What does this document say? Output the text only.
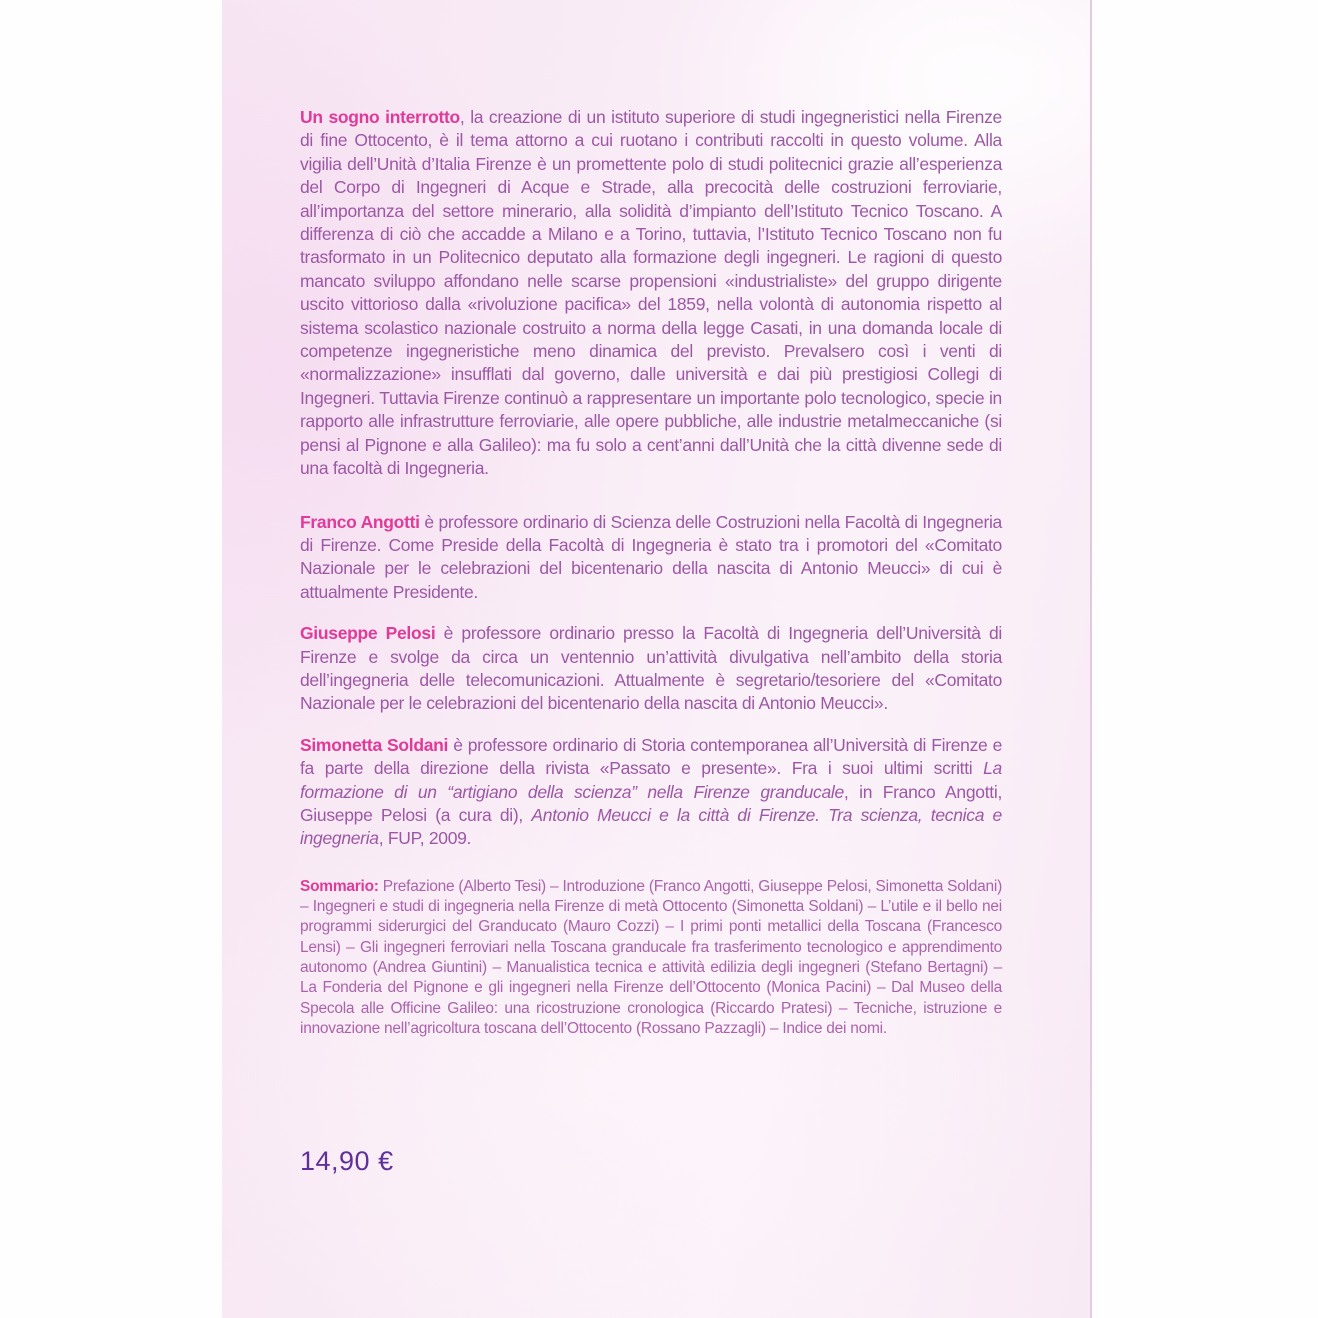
Un sogno interrotto, la creazione di un istituto superiore di studi ingegneristici nella Firenze di fine Ottocento, è il tema attorno a cui ruotano i contributi raccolti in questo volume. Alla vigilia dell’Unità d’Italia Firenze è un promettente polo di studi politecnici grazie all’esperienza del Corpo di Ingegneri di Acque e Strade, alla precocità delle costruzioni ferroviarie, all’importanza del settore minerario, alla solidità d’impianto dell’Istituto Tecnico Toscano. A differenza di ciò che accadde a Milano e a Torino, tuttavia, l’Istituto Tecnico Toscano non fu trasformato in un Politecnico deputato alla formazione degli ingegneri. Le ragioni di questo mancato sviluppo affondano nelle scarse propensioni «industrialiste» del gruppo dirigente uscito vittorioso dalla «rivoluzione pacifica» del 1859, nella volontà di autonomia rispetto al sistema scolastico nazionale costruito a norma della legge Casati, in una domanda locale di competenze ingegneristiche meno dinamica del previsto. Prevalsero così i venti di «normalizzazione» insufflati dal governo, dalle università e dai più prestigiosi Collegi di Ingegneri. Tuttavia Firenze continuò a rappresentare un importante polo tecnologico, specie in rapporto alle infrastrutture ferroviarie, alle opere pubbliche, alle industrie metalmeccaniche (si pensi al Pignone e alla Galileo): ma fu solo a cent’anni dall’Unità che la città divenne sede di una facoltà di Ingegneria.

Franco Angotti è professore ordinario di Scienza delle Costruzioni nella Facoltà di Ingegneria di Firenze. Come Preside della Facoltà di Ingegneria è stato tra i promotori del «Comitato Nazionale per le celebrazioni del bicentenario della nascita di Antonio Meucci» di cui è attualmente Presidente.

Giuseppe Pelosi è professore ordinario presso la Facoltà di Ingegneria dell’Università di Firenze e svolge da circa un ventennio un’attività divulgativa nell’ambito della storia dell’ingegneria delle telecomunicazioni. Attualmente è segretario/tesoriere del «Comitato Nazionale per le celebrazioni del bicentenario della nascita di Antonio Meucci».

Simonetta Soldani è professore ordinario di Storia contemporanea all’Università di Firenze e fa parte della direzione della rivista «Passato e presente». Fra i suoi ultimi scritti La formazione di un “artigiano della scienza” nella Firenze granducale, in Franco Angotti, Giuseppe Pelosi (a cura di), Antonio Meucci e la città di Firenze. Tra scienza, tecnica e ingegneria, FUP, 2009.

Sommario: Prefazione (Alberto Tesi) – Introduzione (Franco Angotti, Giuseppe Pelosi, Simonetta Soldani) – Ingegneri e studi di ingegneria nella Firenze di metà Ottocento (Simonetta Soldani) – L’utile e il bello nei programmi siderurgici del Granducato (Mauro Cozzi) – I primi ponti metallici della Toscana (Francesco Lensi) – Gli ingegneri ferroviari nella Toscana granducale fra trasferimento tecnologico e apprendimento autonomo (Andrea Giuntini) – Manualistica tecnica e attività edilizia degli ingegneri (Stefano Bertagni) – La Fonderia del Pignone e gli ingegneri nella Firenze dell’Ottocento (Monica Pacini) – Dal Museo della Specola alle Officine Galileo: una ricostruzione cronologica (Riccardo Pratesi) – Tecniche, istruzione e innovazione nell’agricoltura toscana dell’Ottocento (Rossano Pazzagli) – Indice dei nomi.

14,90 €
